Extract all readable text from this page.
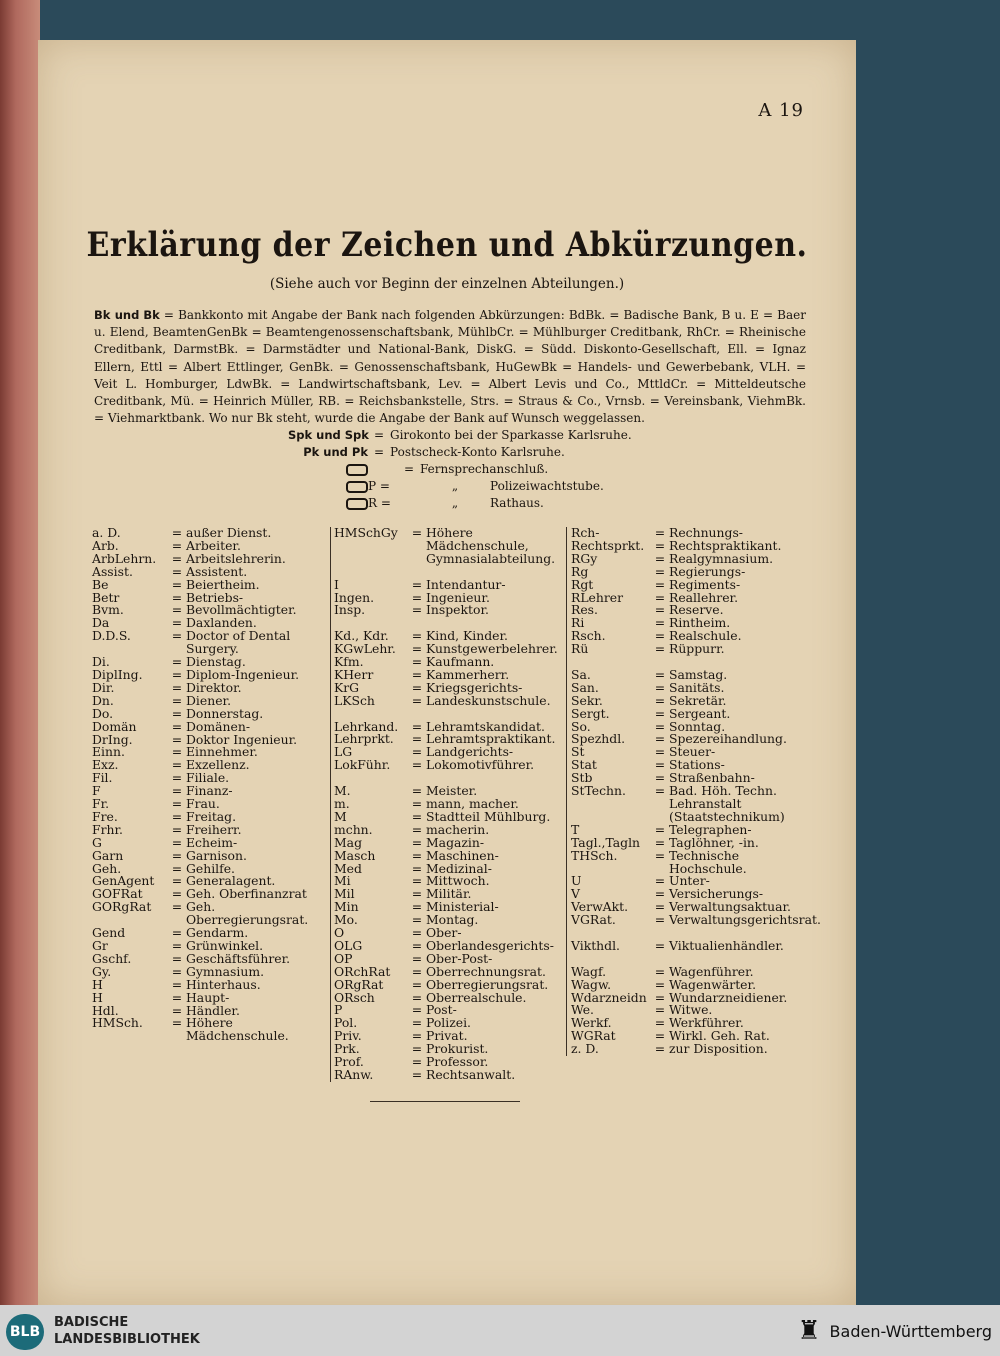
A 19
Erklärung der Zeichen und Abkürzungen.
(Siehe auch vor Beginn der einzelnen Abteilungen.)
Bk und Bk = Bankkonto mit Angabe der Bank nach folgenden Abkürzungen: BdBk. = Badische Bank, B u. E = Baer u. Elend, BeamtenGenBk = Beamtengenossenschaftsbank, MühlbCr. = Mühlburger Creditbank, RhCr. = Rheinische Creditbank, DarmstBk. = Darmstädter und National-Bank, DiskG. = Südd. Diskonto-Gesellschaft, Ell. = Ignaz Ellern, Ettl = Albert Ettlinger, GenBk. = Genossenschaftsbank, HuGewBk = Handels- und Gewerbebank, VLH. = Veit L. Homburger, LdwBk. = Landwirtschaftsbank, Lev. = Albert Levis und Co., MttldCr. = Mitteldeutsche Creditbank, Mü. = Heinrich Müller, RB. = Reichsbankstelle, Strs. = Straus & Co., Vrnsb. = Vereinsbank, ViehmBk. = Viehmarktbank. Wo nur Bk steht, wurde die Angabe der Bank auf Wunsch weggelassen.
Spk und Spk = Girokonto bei der Sparkasse Karlsruhe.
Pk und Pk = Postscheck-Konto Karlsruhe.
= Fernsprechanschluß.
P =	„	Polizeiwachtstube.
R =	„	Rathaus.
a. D.	= außer Dienst.
Arb.	= Arbeiter.
ArbLehrn.	= Arbeitslehrerin.
Assist.	= Assistent.
Be	= Beiertheim.
Betr	= Betriebs-
Bvm.	= Bevollmächtigter.
Da	= Daxlanden.
D.D.S.	= Doctor of Dental Surgery.
Di.	= Dienstag.
DiplIng.	= Diplom-Ingenieur.
Dir.	= Direktor.
Dn.	= Diener.
Do.	= Donnerstag.
Domän	= Domänen-
DrIng.	= Doktor Ingenieur.
Einn.	= Einnehmer.
Exz.	= Exzellenz.
Fil.	= Filiale.
F	= Finanz-
Fr.	= Frau.
Fre.	= Freitag.
Frhr.	= Freiherr.
G	= Echeim-
Garn	= Garnison.
Geh.	= Gehilfe.
GenAgent	= Generalagent.
GOFRat	= Geh. Oberfinanzrat
GORgRat	= Geh. Oberregierungsrat.
Gend	= Gendarm.
Gr	= Grünwinkel.
Gschf.	= Geschäftsführer.
Gy.	= Gymnasium.
H	= Hinterhaus.
H	= Haupt-
Hdl.	= Händler.
HMSch.	= Höhere Mädchenschule.
HMSchGy	= Höhere Mädchenschule, Gymnasialabteilung.
I	= Intendantur-
Ingen.	= Ingenieur.
Insp.	= Inspektor.
Kd., Kdr.	= Kind, Kinder.
KGwLehr.	= Kunstgewerbelehrer.
Kfm.	= Kaufmann.
KHerr	= Kammerherr.
KrG	= Kriegsgerichts-
LKSch	= Landeskunstschule.
Lehrkand.	= Lehramtskandidat.
Lehrprkt.	= Lehramtspraktikant.
LG	= Landgerichts-
LokFühr.	= Lokomotivführer.
M.	= Meister.
m.	= mann, macher.
M	= Stadtteil Mühlburg.
mchn.	= macherin.
Mag	= Magazin-
Masch	= Maschinen-
Med	= Medizinal-
Mi	= Mittwoch.
Mil	= Militär.
Min	= Ministerial-
Mo.	= Montag.
O	= Ober-
OLG	= Oberlandesgerichts-
OP	= Ober-Post-
ORchRat	= Oberrechnungsrat.
ORgRat	= Oberregierungsrat.
ORsch	= Oberrealschule.
P	= Post-
Pol.	= Polizei.
Priv.	= Privat.
Prk.	= Prokurist.
Prof.	= Professor.
RAnw.	= Rechtsanwalt.
Rch-	= Rechnungs-
Rechtsprkt. = Rechtspraktikant.
RGy	= Realgymnasium.
Rg	= Regierungs-
Rgt	= Regiments-
RLehrer	= Reallehrer.
Res.	= Reserve.
Ri	= Rintheim.
Rsch.	= Realschule.
Rü	= Rüppurr.
Sa.	= Samstag.
San.	= Sanitäts.
Sekr.	= Sekretär.
Sergt.	= Sergeant.
So.	= Sonntag.
Spezhdl.	= Spezereihandlung.
St	= Steuer-
Stat	= Stations-
Stb	= Straßenbahn-
StTechn.	= Bad. Höh. Techn. Lehranstalt (Staatstechnikum)
T	= Telegraphen-
Tagl.,Tagln	= Taglöhner, -in.
THSch.	= Technische Hochschule.
U	= Unter-
V	= Versicherungs-
VerwAkt.	= Verwaltungsaktuar.
VGRat.	= Verwaltungsgerichtsrat.
Vikthdl.	= Viktualienhändler.
Wagf.	= Wagenführer.
Wagw.	= Wagenwärter.
Wdarzneidn = Wundarzneidiener.
We.	= Witwe.
Werkf.	= Werkführer.
WGRat	= Wirkl. Geh. Rat.
z. D.	= zur Disposition.
BLB
BADISCHE
LANDESBIBLIOTHEK	♜ Baden-Württemberg
